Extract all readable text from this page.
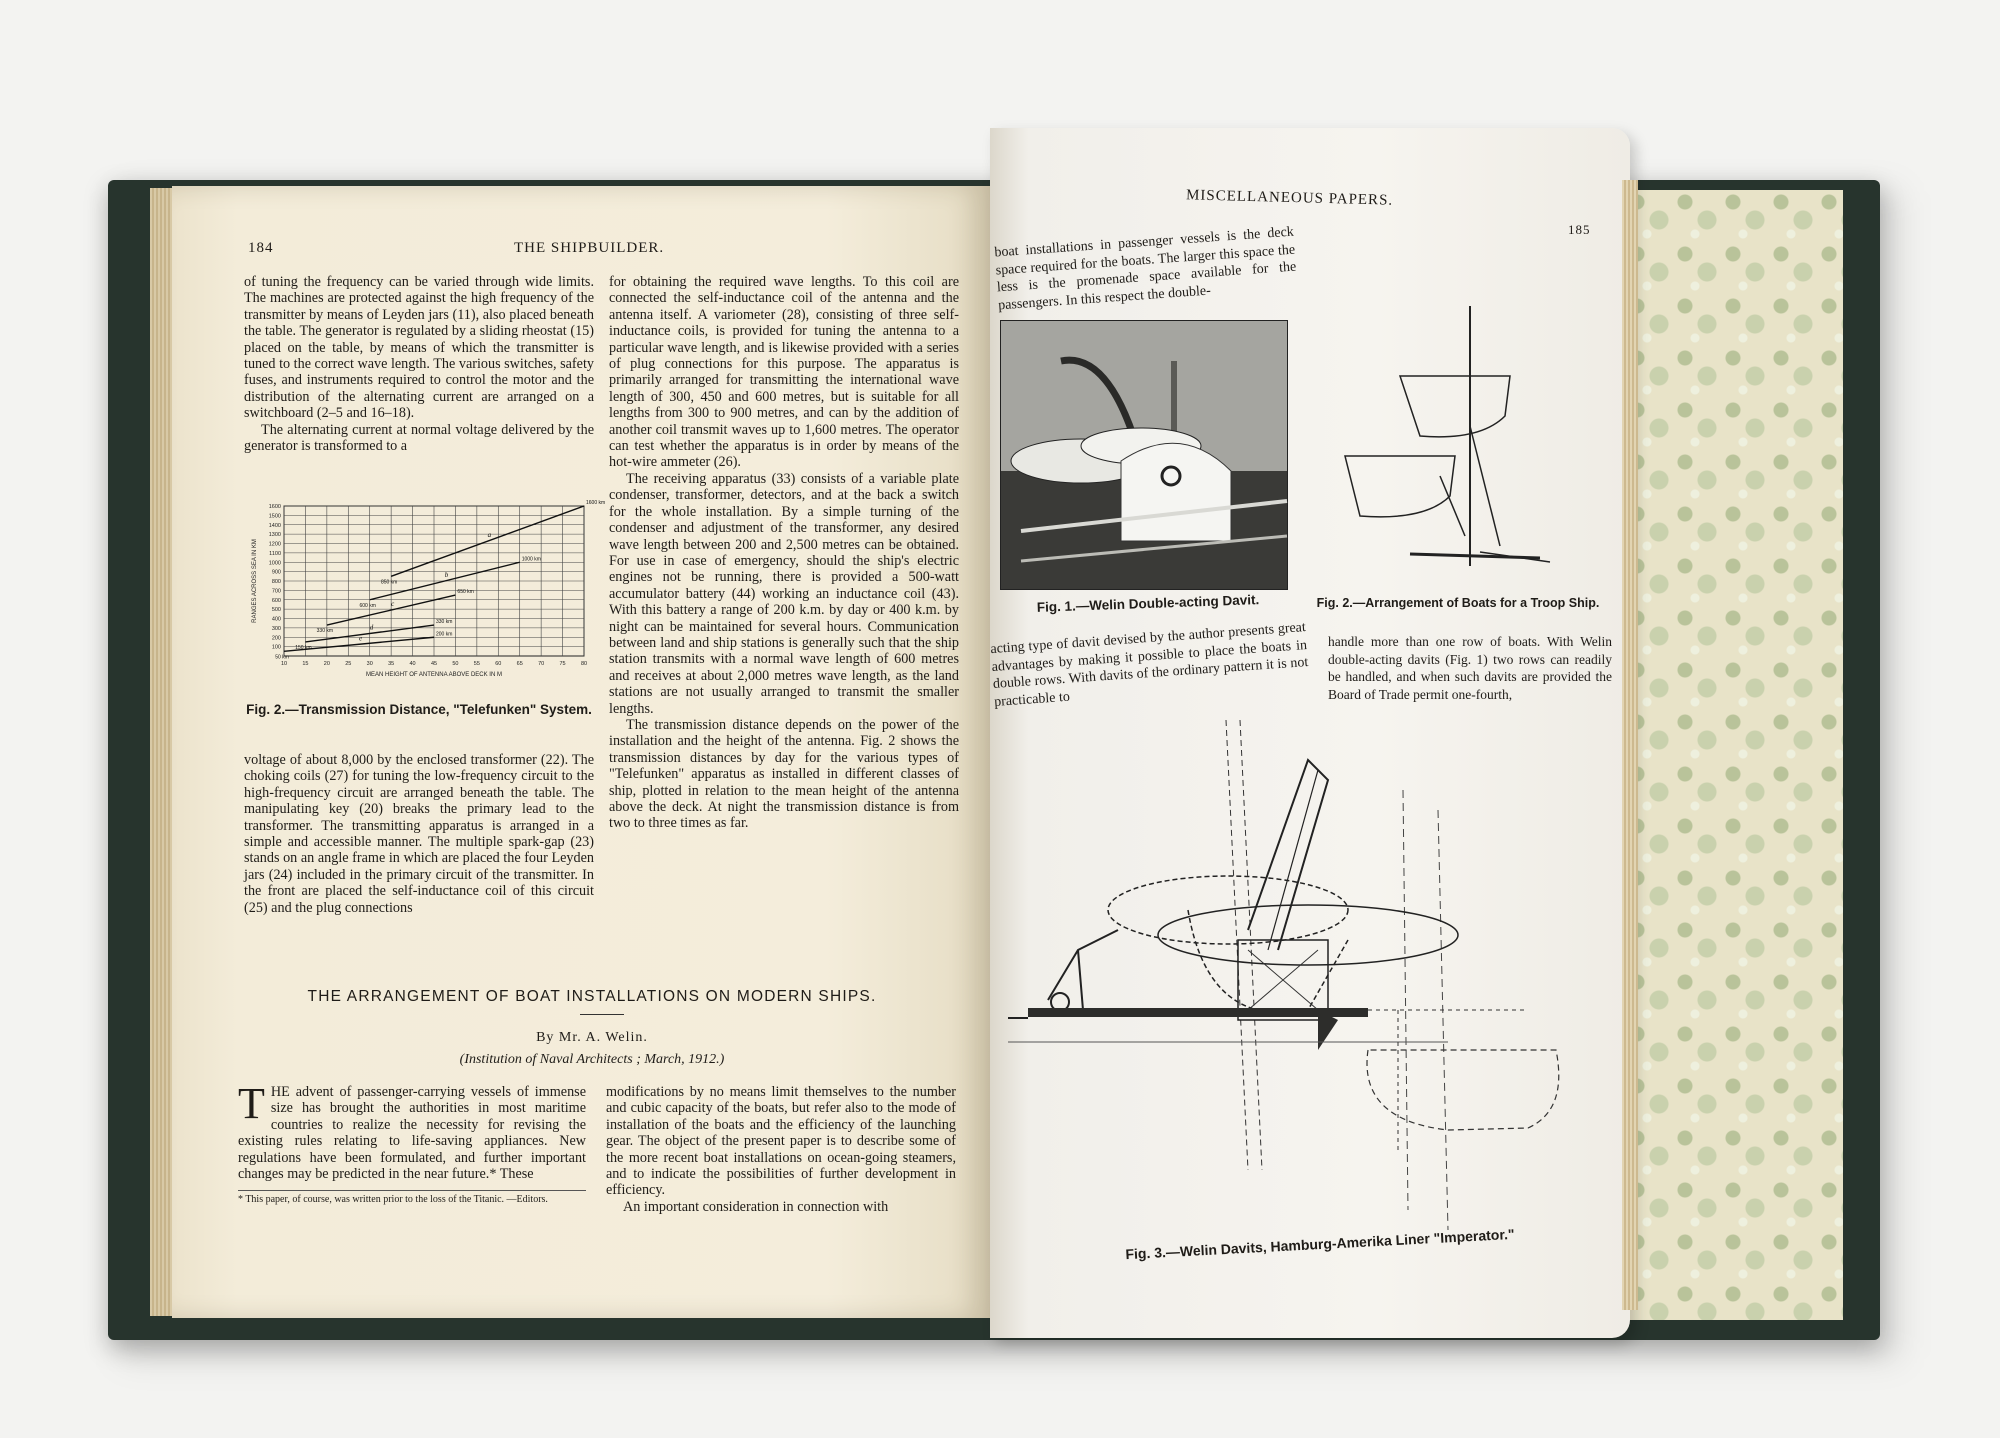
184	THE SHIPBUILDER.

of tuning the frequency can be varied through wide limits. The machines are protected against the high frequency of the transmitter by means of Leyden jars (11), also placed beneath the table. The generator is regulated by a sliding rheostat (15) placed on the table, by means of which the transmitter is tuned to the correct wave length. The various switches, safety fuses, and instruments required to control the motor and the distribution of the alternating current are arranged on a switchboard (2–5 and 16–18).

The alternating current at normal voltage delivered by the generator is transformed to a

10	15	20	25	30	35	40	45	50	55	60	65	70	75	80
100
200
300
400
500
600
700
800
900
1000
1100
1200
1300
1400
1500
1600
a
1600 km
850 km
b
1000 km
600 km c
650 km
330 km	d
330 km
150 km
e
200 km
50 km
MEAN HEIGHT OF ANTENNA ABOVE DECK IN M
RANGES ACROSS SEA IN KM
Fig. 2.—Transmission Distance, "Telefunken" System.

voltage of about 8,000 by the enclosed transformer (22). The choking coils (27) for tuning the low-frequency circuit to the high-frequency circuit are arranged beneath the table. The manipulating key (20) breaks the primary lead to the transformer. The transmitting apparatus is arranged in a simple and accessible manner. The multiple spark-gap (23) stands on an angle frame in which are placed the four Leyden jars (24) included in the primary circuit of the transmitter. In the front are placed the self-inductance coil of this circuit (25) and the plug connections

for obtaining the required wave lengths. To this coil are connected the self-inductance coil of the antenna and the antenna itself. A variometer (28), consisting of three self-inductance coils, is provided for tuning the antenna to a particular wave length, and is likewise provided with a series of plug connections for this purpose. The apparatus is primarily arranged for transmitting the international wave length of 300, 450 and 600 metres, but is suitable for all lengths from 300 to 900 metres, and can by the addition of another coil transmit waves up to 1,600 metres. The operator can test whether the apparatus is in order by means of the hot-wire ammeter (26).

The receiving apparatus (33) consists of a variable plate condenser, transformer, detectors, and at the back a switch for the whole installation. By a simple turning of the condenser and adjustment of the transformer, any desired wave length between 200 and 2,500 metres can be obtained. For use in case of emergency, should the ship's electric engines not be running, there is provided a 500-watt accumulator battery (44) working an inductance coil (43). With this battery a range of 200 k.m. by day or 400 k.m. by night can be maintained for several hours. Communication between land and ship stations is generally such that the ship station transmits with a normal wave length of 600 metres and receives at about 2,000 metres wave length, as the land stations are not usually arranged to transmit the smaller lengths.

The transmission distance depends on the power of the installation and the height of the antenna. Fig. 2 shows the transmission distances by day for the various types of "Telefunken" apparatus as installed in different classes of ship, plotted in relation to the mean height of the antenna above the deck. At night the transmission distance is from two to three times as far.

THE ARRANGEMENT OF BOAT INSTALLATIONS ON MODERN SHIPS.
By Mr. A. Welin.
(Institution of Naval Architects ; March, 1912.)
T HE advent of passenger-carrying vessels of immense size has brought the authorities in most maritime countries to realize the necessity for revising the existing rules relating to life-saving appliances. New regulations have been formulated, and further important changes may be predicted in the near future.* These
* This paper, of course, was written prior to the loss of the Titanic. —Editors.

modifications by no means limit themselves to the number and cubic capacity of the boats, but refer also to the mode of installation of the boats and the efficiency of the launching gear. The object of the present paper is to describe some of the more recent boat installations on ocean-going steamers, and to indicate the possibilities of further development in efficiency.

An important consideration in connection with

MISCELLANEOUS PAPERS.
185
boat installations in passenger vessels is the deck space required for the boats. The larger this space the less is the promenade space available for the passengers. In this respect the double-
Fig. 1.—Welin Double-acting Davit.	Fig. 2.—Arrangement of Boats for a Troop Ship.
acting type of davit devised by the author presents great advantages by making it possible to place the boats in double rows. With davits of the ordinary pattern it is not practicable to
handle more than one row of boats. With Welin double-acting davits (Fig. 1) two rows can readily be handled, and when such davits are provided the Board of Trade permit one-fourth,
Fig. 3.—Welin Davits, Hamburg-Amerika Liner "Imperator."
